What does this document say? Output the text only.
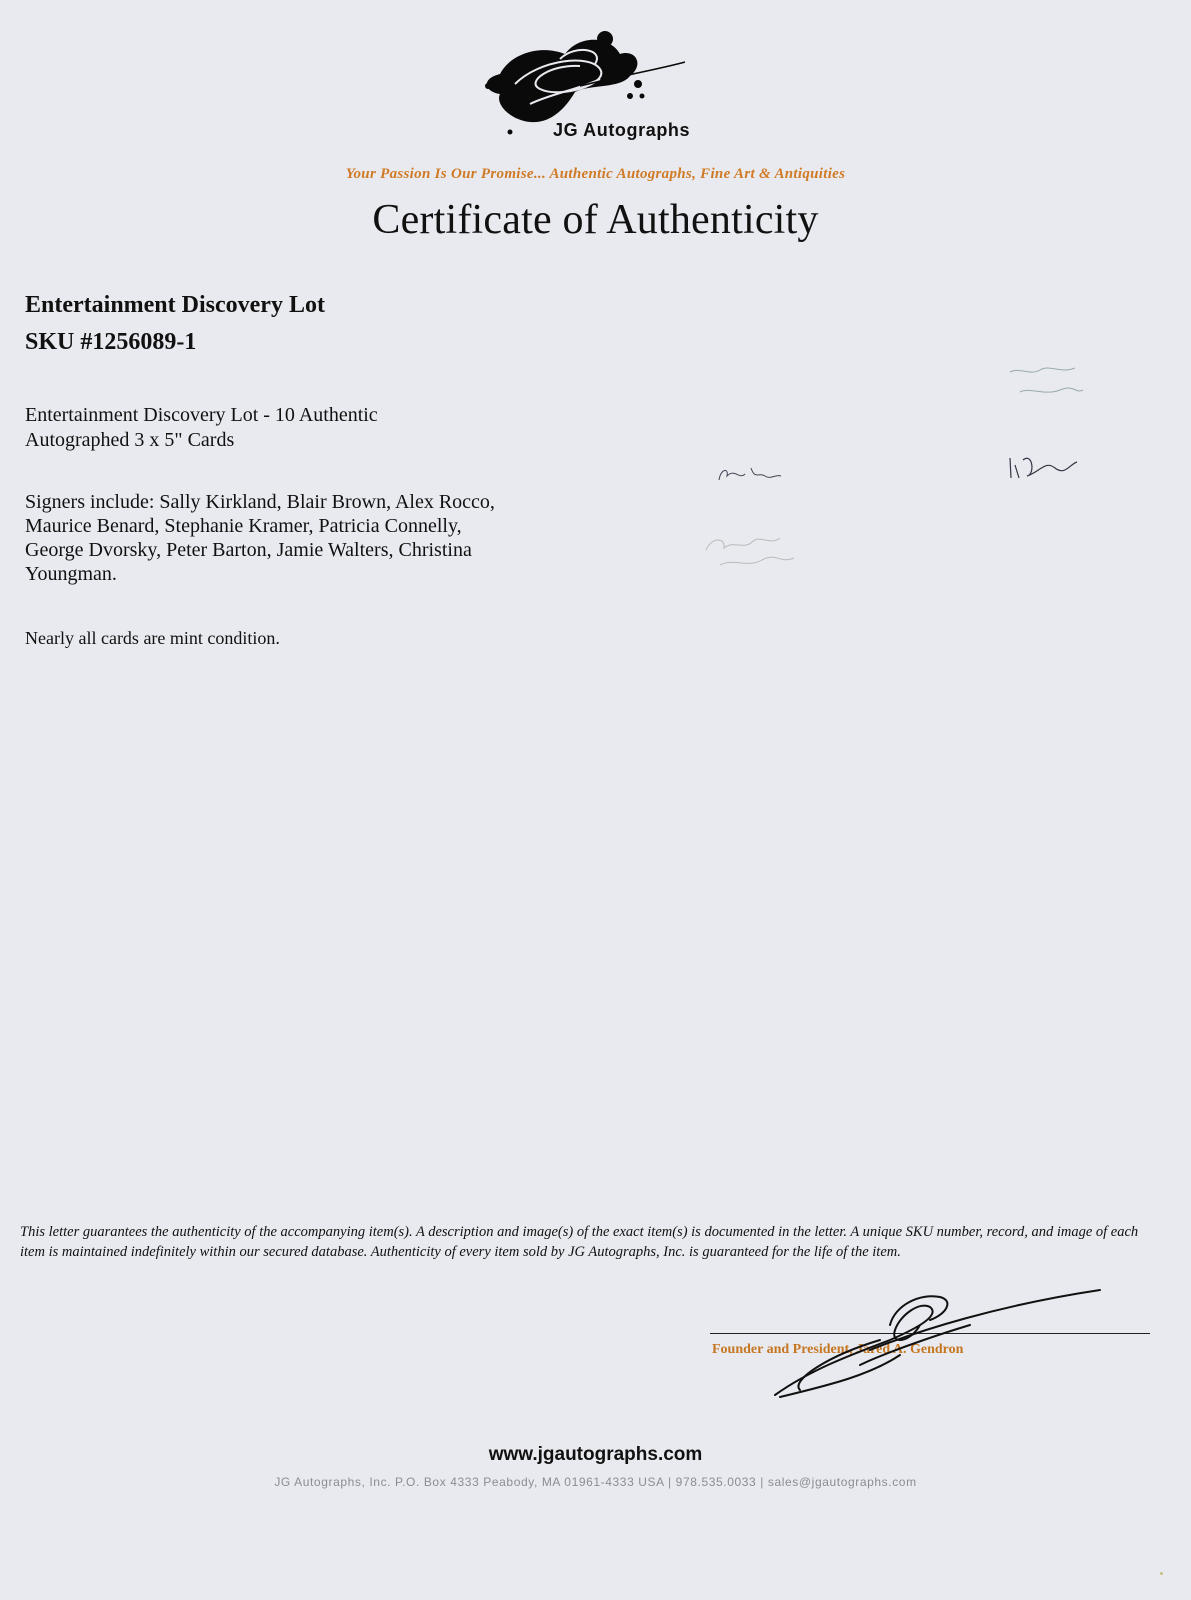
JG Autographs
Your Passion Is Our Promise... Authentic Autographs, Fine Art & Antiquities
Certificate of Authenticity
Entertainment Discovery Lot
SKU #1256089-1
Entertainment Discovery Lot - 10 Authentic Autographed 3 x 5" Cards
Signers include: Sally Kirkland, Blair Brown, Alex Rocco, Maurice Benard, Stephanie Kramer, Patricia Connelly, George Dvorsky, Peter Barton, Jamie Walters, Christina Youngman.
Nearly all cards are mint condition.
This letter guarantees the authenticity of the accompanying item(s). A description and image(s) of the exact item(s) is documented in the letter. A unique SKU number, record, and image of each item is maintained indefinitely within our secured database. Authenticity of every item sold by JG Autographs, Inc. is guaranteed for the life of the item.
Founder and President, Jared A. Gendron
www.jgautographs.com
JG Autographs, Inc. P.O. Box 4333 Peabody, MA 01961-4333 USA | 978.535.0033 | sales@jgautographs.com
